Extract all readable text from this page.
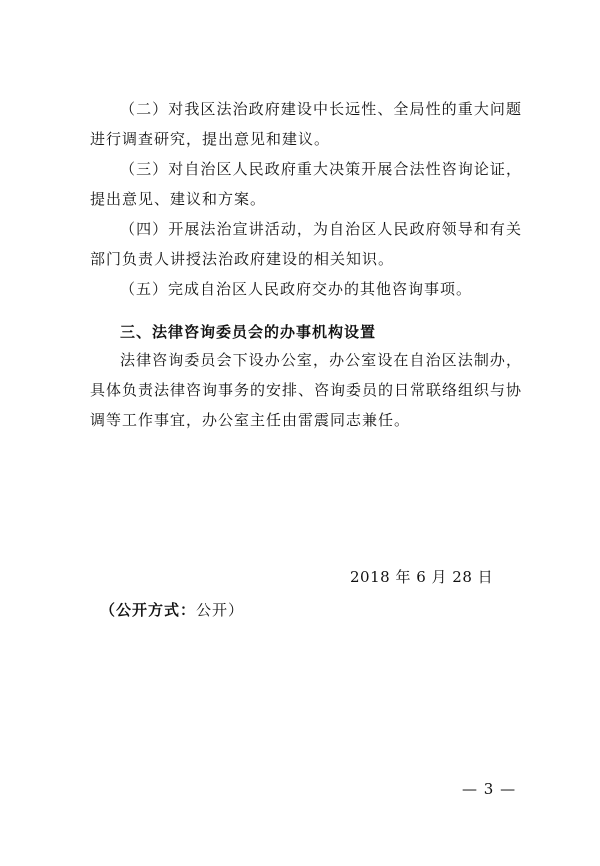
（二）对我区法治政府建设中长远性、全局性的重大问题进行调查研究，提出意见和建议。

（三）对自治区人民政府重大决策开展合法性咨询论证，提出意见、建议和方案。

（四）开展法治宣讲活动，为自治区人民政府领导和有关部门负责人讲授法治政府建设的相关知识。

（五）完成自治区人民政府交办的其他咨询事项。

三、法律咨询委员会的办事机构设置

法律咨询委员会下设办公室，办公室设在自治区法制办，具体负责法律咨询事务的安排、咨询委员的日常联络组织与协调等工作事宜，办公室主任由雷震同志兼任。

2018 年 6 月 28 日
（公开方式：公开）
— 3 —
